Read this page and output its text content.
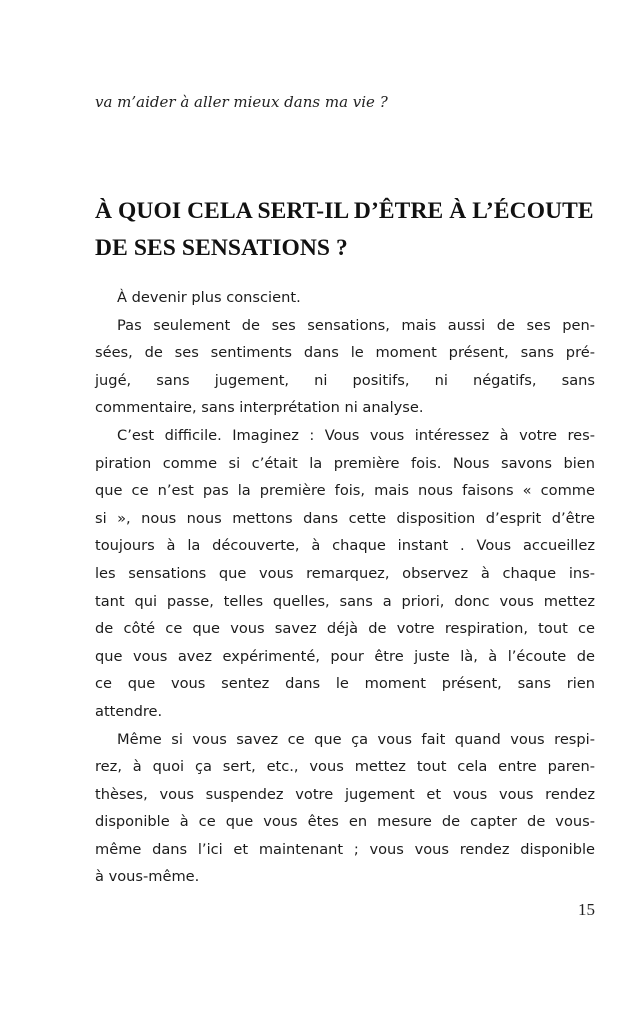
va m’aider à aller mieux dans ma vie ?
À QUOI CELA SERT-IL D’ÊTRE À L’ÉCOUTE
DE SES SENSATIONS ?
À devenir plus conscient.
Pas seulement de ses sensations, mais aussi de ses pen-
sées, de ses sentiments dans le moment présent, sans pré-
jugé, sans jugement, ni positifs, ni négatifs, sans
commentaire, sans interprétation ni analyse.
C’est difficile. Imaginez : Vous vous intéressez à votre res-
piration comme si c’était la première fois. Nous savons bien
que ce n’est pas la première fois, mais nous faisons « comme
si », nous nous mettons dans cette disposition d’esprit d’être
toujours à la découverte, à chaque instant . Vous accueillez
les sensations que vous remarquez, observez à chaque ins-
tant qui passe, telles quelles, sans a priori, donc vous mettez
de côté ce que vous savez déjà de votre respiration, tout ce
que vous avez expérimenté, pour être juste là, à l’écoute de
ce que vous sentez dans le moment présent, sans rien
attendre.
Même si vous savez ce que ça vous fait quand vous respi-
rez, à quoi ça sert, etc., vous mettez tout cela entre paren-
thèses, vous suspendez votre jugement et vous vous rendez
disponible à ce que vous êtes en mesure de capter de vous-
même dans l’ici et maintenant ; vous vous rendez disponible
à vous-même.
15
